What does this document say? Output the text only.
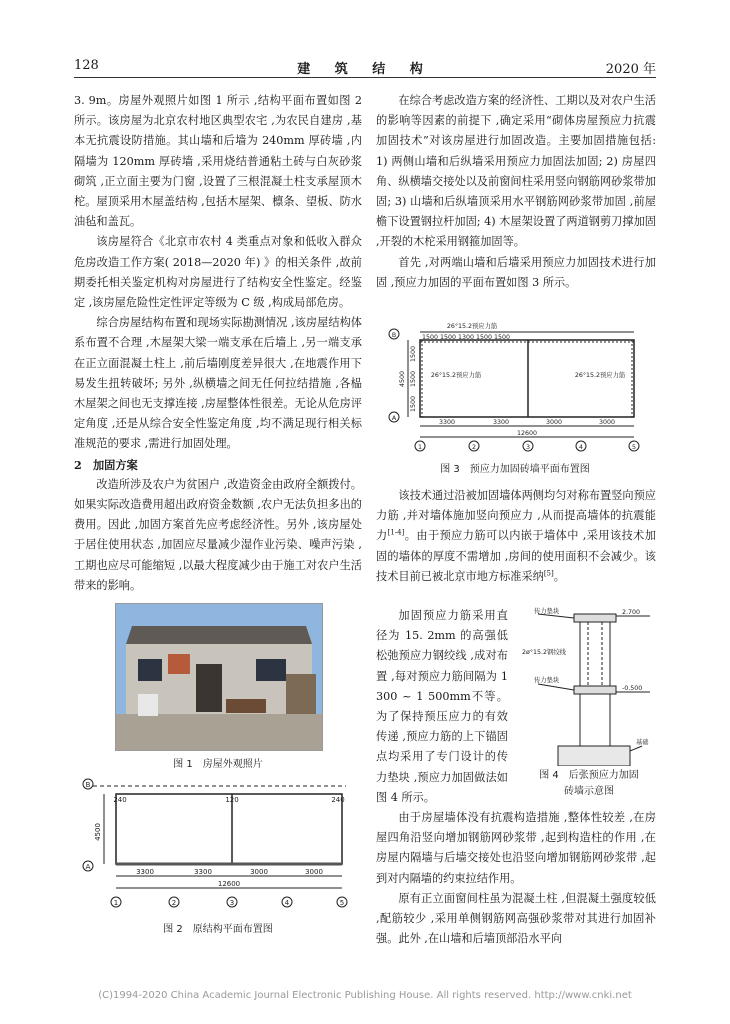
128	建 筑 结 构	2020 年

3. 9m。房屋外观照片如图 1 所示 ,结构平面布置如图 2 所示。该房屋为北京农村地区典型农宅 ,为农民自建房 ,基本无抗震设防措施。其山墙和后墙为 240mm 厚砖墙 ,内隔墙为 120mm 厚砖墙 ,采用烧结普通粘土砖与白灰砂浆砌筑 ,正立面主要为门窗 ,设置了三根混凝土柱支承屋顶木柁。屋顶采用木屋盖结构 ,包括木屋架、檩条、望板、防水油毡和盖瓦。

该房屋符合《北京市农村 4 类重点对象和低收入群众危房改造工作方案( 2018—2020 年) 》的相关条件 ,故前期委托相关鉴定机构对房屋进行了结构安全性鉴定。经鉴定 ,该房屋危险性定性评定等级为 C 级 ,构成局部危房。

综合房屋结构布置和现场实际勘测情况 ,该房屋结构体系布置不合理 ,木屋架大梁一端支承在后墙上 ,另一端支承在正立面混凝土柱上 ,前后墙刚度差异很大 ,在地震作用下易发生扭转破坏; 另外 ,纵横墙之间无任何拉结措施 ,各榀木屋架之间也无支撑连接 ,房屋整体性很差。无论从危房评定角度 ,还是从综合安全性鉴定角度 ,均不满足现行相关标准规范的要求 ,需进行加固处理。

2　加固方案

改造所涉及农户为贫困户 ,改造资金由政府全额拨付。如果实际改造费用超出政府资金数额 ,农户无法负担多出的费用。因此 ,加固方案首先应考虑经济性。另外 ,该房屋处于居住使用状态 ,加固应尽量减少湿作业污染、噪声污染 ,工期也应尽可能缩短 ,以最大程度减少由于施工对农户生活带来的影响。

图 1　房屋外观照片
B
A
240	120	240
4500
3300	3300	3000	3000
12600
1	2	3	4	5
图 2　原结构平面布置图

在综合考虑改造方案的经济性、工期以及对农户生活的影响等因素的前提下 ,确定采用“砌体房屋预应力抗震加固技术”对该房屋进行加固改造。主要加固措施包括: 1) 两侧山墙和后纵墙采用预应力加固法加固; 2) 房屋四角、纵横墙交接处以及前窗间柱采用竖向钢筋网砂浆带加固; 3) 山墙和后纵墙顶采用水平钢筋网砂浆带加固 ,前屋檐下设置钢拉杆加固; 4) 木屋架设置了两道钢剪刀撑加固 ,开裂的木柁采用钢箍加固等。

首先 ,对两端山墙和后墙采用预应力加固技术进行加固 ,预应力加固的平面布置如图 3 所示。

B
A
26°15.2预应力筋
1500 1500 1300 1500 1500
26°15.2预应力筋	26°15.2预应力筋
1500
1500
1500
4500
3300	3300	3000	3000
12600
1	2	3	4	5
图 3　预应力加固砖墙平面布置图

该技术通过沿被加固墙体两侧均匀对称布置竖向预应力筋 ,并对墙体施加竖向预应力 ,从而提高墙体的抗震能力[1-4]。由于预应力筋可以内嵌于墙体中 ,采用该技术加固的墙体的厚度不需增加 ,房间的使用面积不会减少。该技术目前已被北京市地方标准采纳[5]。

加固预应力筋采用直径为 15. 2mm 的高强低松弛预应力钢绞线 ,成对布置 ,每对预应力筋间隔为 1 300 ~ 1 500mm不等。为了保持预压应力的有效传递 ,预应力筋的上下锚固点均采用了专门设计的传力垫块 ,预应力加固做法如图 4 所示。

传力垫块	2.700
2ø°15.2钢绞线
传力垫块
-0.500
基础
图 4　后张预应力加固
砖墙示意图

由于房屋墙体没有抗震构造措施 ,整体性较差 ,在房屋四角沿竖向增加钢筋网砂浆带 ,起到构造柱的作用 ,在房屋内隔墙与后墙交接处也沿竖向增加钢筋网砂浆带 ,起到对内隔墙的约束拉结作用。

原有正立面窗间柱虽为混凝土柱 ,但混凝土强度较低 ,配筋较少 ,采用单侧钢筋网高强砂浆带对其进行加固补强。此外 ,在山墙和后墙顶部沿水平向

(C)1994-2020 China Academic Journal Electronic Publishing House. All rights reserved. http://www.cnki.net
